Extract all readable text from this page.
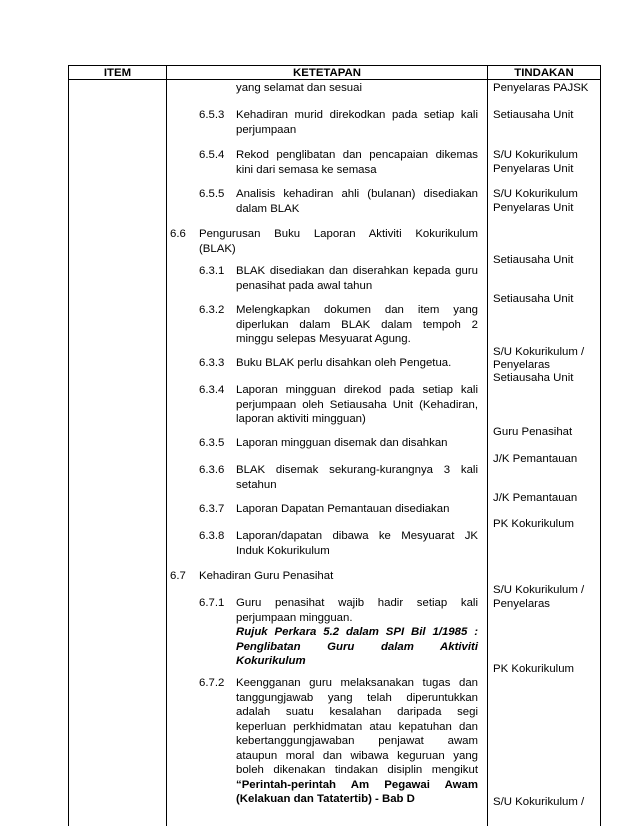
ITEM	KETETAPAN	TINDAKAN
yang selamat dan sesuai
6.5.3 Kehadiran murid direkodkan pada setiap kali
perjumpaan
6.5.4 Rekod penglibatan dan pencapaian dikemas
kini dari semasa ke semasa
6.5.5 Analisis kehadiran ahli (bulanan) disediakan
dalam BLAK
6.6 Pengurusan Buku Laporan Aktiviti Kokurikulum
(BLAK)
6.3.1 BLAK disediakan dan diserahkan kepada guru
penasihat pada awal tahun
6.3.2 Melengkapkan dokumen dan item yang
diperlukan dalam BLAK dalam tempoh 2
minggu selepas Mesyuarat Agung.
6.3.3 Buku BLAK perlu disahkan oleh Pengetua.
6.3.4 Laporan mingguan direkod pada setiap kali
perjumpaan oleh Setiausaha Unit (Kehadiran,
laporan aktiviti mingguan)
6.3.5 Laporan mingguan disemak dan disahkan
6.3.6 BLAK disemak sekurang-kurangnya 3 kali
setahun
6.3.7 Laporan Dapatan Pemantauan disediakan
6.3.8 Laporan/dapatan dibawa ke Mesyuarat JK
Induk Kokurikulum
6.7 Kehadiran Guru Penasihat
6.7.1 Guru penasihat wajib hadir setiap kali
perjumpaan mingguan.
Rujuk Perkara 5.2 dalam SPI Bil 1/1985 :
Penglibatan Guru dalam Aktiviti
Kokurikulum
6.7.2 Keengganan guru melaksanakan tugas dan
tanggungjawab yang telah diperuntukkan
adalah suatu kesalahan daripada segi
keperluan perkhidmatan atau kepatuhan dan
kebertanggungjawaban penjawat awam
ataupun moral dan wibawa keguruan yang
boleh dikenakan tindakan disiplin mengikut
“Perintah-perintah Am Pegawai Awam
(Kelakuan dan Tatatertib) - Bab D
Penyelaras PAJSK
Setiausaha Unit
S/U Kokurikulum
Penyelaras Unit
S/U Kokurikulum
Penyelaras Unit
Setiausaha Unit
Setiausaha Unit
S/U Kokurikulum /
Penyelaras
Setiausaha Unit
Guru Penasihat
J/K Pemantauan
J/K Pemantauan
PK Kokurikulum
S/U Kokurikulum /
Penyelaras
PK Kokurikulum
S/U Kokurikulum /
